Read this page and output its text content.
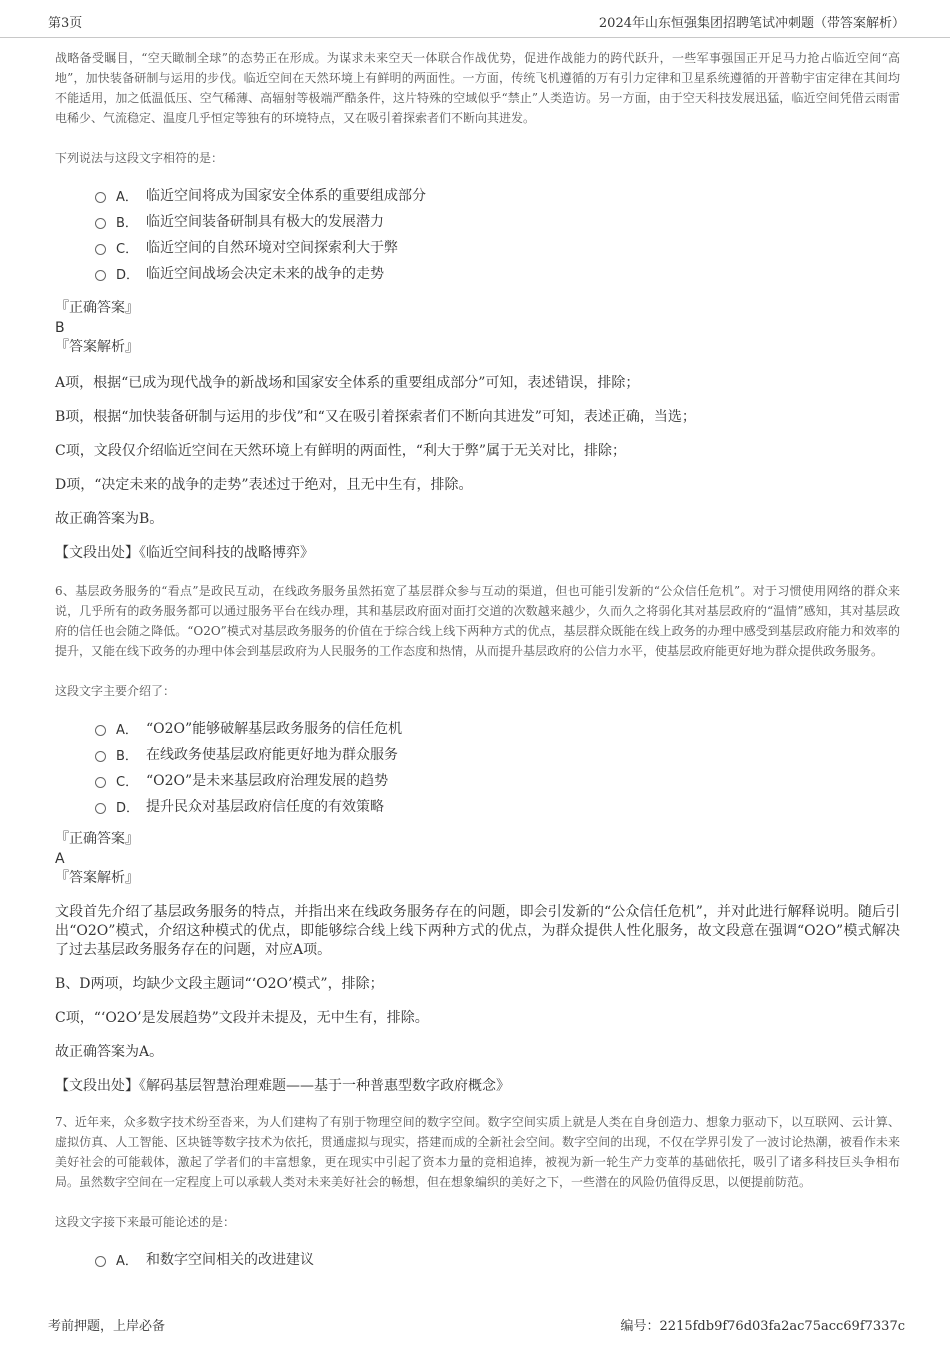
第3页	2024年山东恒强集团招聘笔试冲刺题（带答案解析）

战略备受瞩目，“空天瞰制全球”的态势正在形成。为谋求未来空天一体联合作战优势，促进作战能力的跨代跃升，一些军事强国正开足马力抢占临近空间“高地”，加快装备研制与运用的步伐。临近空间在天然环境上有鲜明的两面性。一方面，传统飞机遵循的万有引力定律和卫星系统遵循的开普勒宇宙定律在其间均不能适用，加之低温低压、空气稀薄、高辐射等极端严酷条件，这片特殊的空域似乎“禁止”人类造访。另一方面，由于空天科技发展迅猛，临近空间凭借云雨雷电稀少、气流稳定、温度几乎恒定等独有的环境特点，又在吸引着探索者们不断向其进发。

下列说法与这段文字相符的是：

A． 临近空间将成为国家安全体系的重要组成部分
B． 临近空间装备研制具有极大的发展潜力
C． 临近空间的自然环境对空间探索利大于弊
D． 临近空间战场会决定未来的战争的走势

『正确答案』

B

『答案解析』

A项，根据“已成为现代战争的新战场和国家安全体系的重要组成部分”可知，表述错误，排除；

B项，根据“加快装备研制与运用的步伐”和“又在吸引着探索者们不断向其进发”可知，表述正确，当选；

C项，文段仅介绍临近空间在天然环境上有鲜明的两面性，“利大于弊”属于无关对比，排除；

D项，“决定未来的战争的走势”表述过于绝对，且无中生有，排除。

故正确答案为B。

【文段出处】《临近空间科技的战略博弈》

6、基层政务服务的“看点”是政民互动，在线政务服务虽然拓宽了基层群众参与互动的渠道，但也可能引发新的“公众信任危机”。对于习惯使用网络的群众来说，几乎所有的政务服务都可以通过服务平台在线办理，其和基层政府面对面打交道的次数越来越少，久而久之将弱化其对基层政府的“温情”感知，其对基层政府的信任也会随之降低。“O2O”模式对基层政务服务的价值在于综合线上线下两种方式的优点，基层群众既能在线上政务的办理中感受到基层政府能力和效率的提升，又能在线下政务的办理中体会到基层政府为人民服务的工作态度和热情，从而提升基层政府的公信力水平，使基层政府能更好地为群众提供政务服务。

这段文字主要介绍了：

A． “O2O”能够破解基层政务服务的信任危机
B． 在线政务使基层政府能更好地为群众服务
C． “O2O”是未来基层政府治理发展的趋势
D． 提升民众对基层政府信任度的有效策略

『正确答案』

A

『答案解析』

文段首先介绍了基层政务服务的特点，并指出来在线政务服务存在的问题，即会引发新的“公众信任危机”，并对此进行解释说明。随后引出“O2O”模式，介绍这种模式的优点，即能够综合线上线下两种方式的优点，为群众提供人性化服务，故文段意在强调“O2O”模式解决了过去基层政务服务存在的问题，对应A项。

B、D两项，均缺少文段主题词“‘O2O’模式”，排除；

C项，“‘O2O’是发展趋势”文段并未提及，无中生有，排除。

故正确答案为A。

【文段出处】《解码基层智慧治理难题——基于一种普惠型数字政府概念》

7、近年来，众多数字技术纷至沓来，为人们建构了有别于物理空间的数字空间。数字空间实质上就是人类在自身创造力、想象力驱动下，以互联网、云计算、虚拟仿真、人工智能、区块链等数字技术为依托，贯通虚拟与现实，搭建而成的全新社会空间。数字空间的出现，不仅在学界引发了一波讨论热潮，被看作未来美好社会的可能载体，激起了学者们的丰富想象，更在现实中引起了资本力量的竞相追捧，被视为新一轮生产力变革的基础依托，吸引了诸多科技巨头争相布局。虽然数字空间在一定程度上可以承载人类对未来美好社会的畅想，但在想象编织的美好之下，一些潜在的风险仍值得反思，以便提前防范。

这段文字接下来最可能论述的是：

A． 和数字空间相关的改进建议
考前押题，上岸必备	编号：2215fdb9f76d03fa2ac75acc69f7337c
